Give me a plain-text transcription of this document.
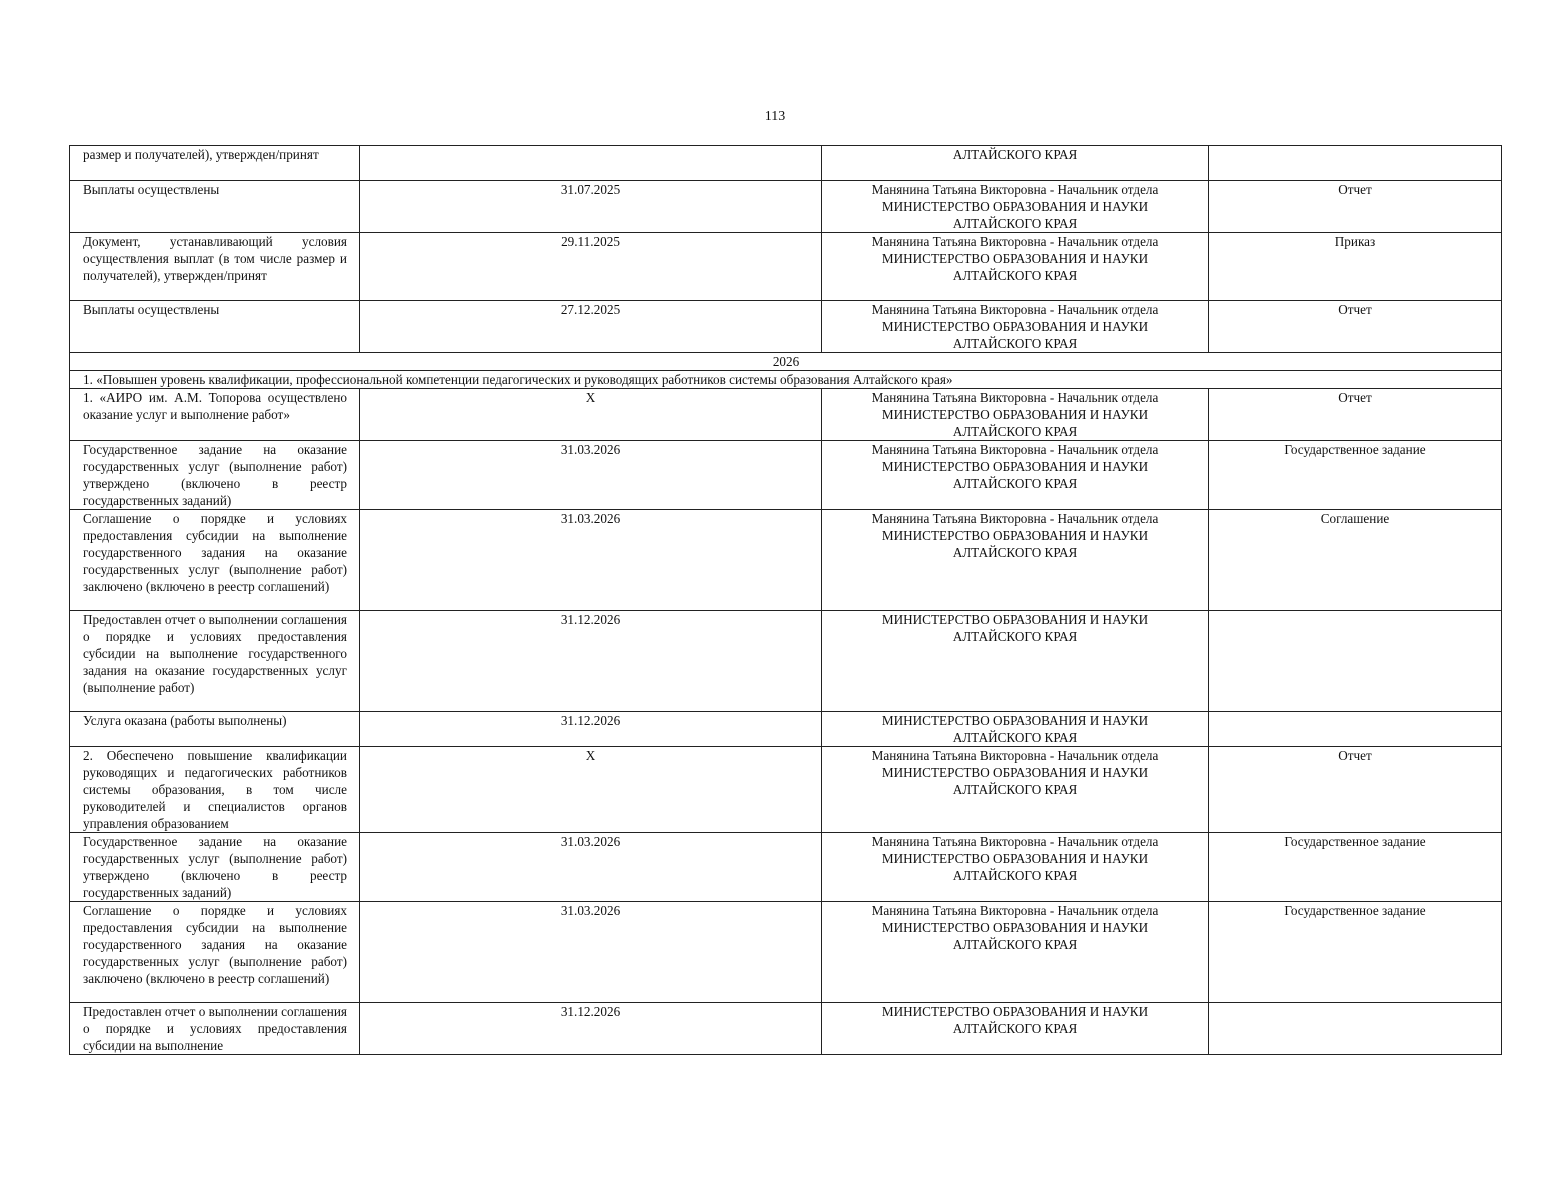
113
размер и получателей), утвержден/принят		АЛТАЙСКОГО КРАЯ	

Выплаты осуществлены	31.07.2025	Манянина Татьяна Викторовна - Начальник отдела
МИНИСТЕРСТВО ОБРАЗОВАНИЯ И НАУКИ
АЛТАЙСКОГО КРАЯ	Отчет
Документ, устанавливающий условия осуществления выплат (в том числе размер и получателей), утвержден/принят	29.11.2025	Манянина Татьяна Викторовна - Начальник отдела
МИНИСТЕРСТВО ОБРАЗОВАНИЯ И НАУКИ
АЛТАЙСКОГО КРАЯ	Приказ
Выплаты осуществлены	27.12.2025	Манянина Татьяна Викторовна - Начальник отдела
МИНИСТЕРСТВО ОБРАЗОВАНИЯ И НАУКИ
АЛТАЙСКОГО КРАЯ	Отчет
2026			
1. «Повышен уровень квалификации, профессиональной компетенции педагогических и руководящих работников системы образования Алтайского края»			
1. «АИРО им. А.М. Топорова осуществлено оказание услуг и выполнение работ»	Х	Манянина Татьяна Викторовна - Начальник отдела
МИНИСТЕРСТВО ОБРАЗОВАНИЯ И НАУКИ
АЛТАЙСКОГО КРАЯ	Отчет
Государственное задание на оказание государственных услуг (выполнение работ) утверждено (включено в реестр государственных заданий)	31.03.2026	Манянина Татьяна Викторовна - Начальник отдела
МИНИСТЕРСТВО ОБРАЗОВАНИЯ И НАУКИ
АЛТАЙСКОГО КРАЯ	Государственное задание
Соглашение о порядке и условиях предоставления субсидии на выполнение государственного задания на оказание государственных услуг (выполнение работ) заключено (включено в реестр соглашений)	31.03.2026	Манянина Татьяна Викторовна - Начальник отдела
МИНИСТЕРСТВО ОБРАЗОВАНИЯ И НАУКИ
АЛТАЙСКОГО КРАЯ	Соглашение
Предоставлен отчет о выполнении соглашения о порядке и условиях предоставления субсидии на выполнение государственного задания на оказание государственных услуг (выполнение работ)	31.12.2026	МИНИСТЕРСТВО ОБРАЗОВАНИЯ И НАУКИ
АЛТАЙСКОГО КРАЯ	

Услуга оказана (работы выполнены)	31.12.2026	МИНИСТЕРСТВО ОБРАЗОВАНИЯ И НАУКИ
АЛТАЙСКОГО КРАЯ	

2. Обеспечено повышение квалификации руководящих и педагогических работников системы образования, в том числе руководителей и специалистов органов управления образованием	Х	Манянина Татьяна Викторовна - Начальник отдела
МИНИСТЕРСТВО ОБРАЗОВАНИЯ И НАУКИ
АЛТАЙСКОГО КРАЯ	Отчет
Государственное задание на оказание государственных услуг (выполнение работ) утверждено (включено в реестр государственных заданий)	31.03.2026	Манянина Татьяна Викторовна - Начальник отдела
МИНИСТЕРСТВО ОБРАЗОВАНИЯ И НАУКИ
АЛТАЙСКОГО КРАЯ	Государственное задание
Соглашение о порядке и условиях предоставления субсидии на выполнение государственного задания на оказание государственных услуг (выполнение работ) заключено (включено в реестр соглашений)	31.03.2026	Манянина Татьяна Викторовна - Начальник отдела
МИНИСТЕРСТВО ОБРАЗОВАНИЯ И НАУКИ
АЛТАЙСКОГО КРАЯ	Государственное задание
Предоставлен отчет о выполнении соглашения о порядке и условиях предоставления субсидии на выполнение	31.12.2026	МИНИСТЕРСТВО ОБРАЗОВАНИЯ И НАУКИ
АЛТАЙСКОГО КРАЯ	
